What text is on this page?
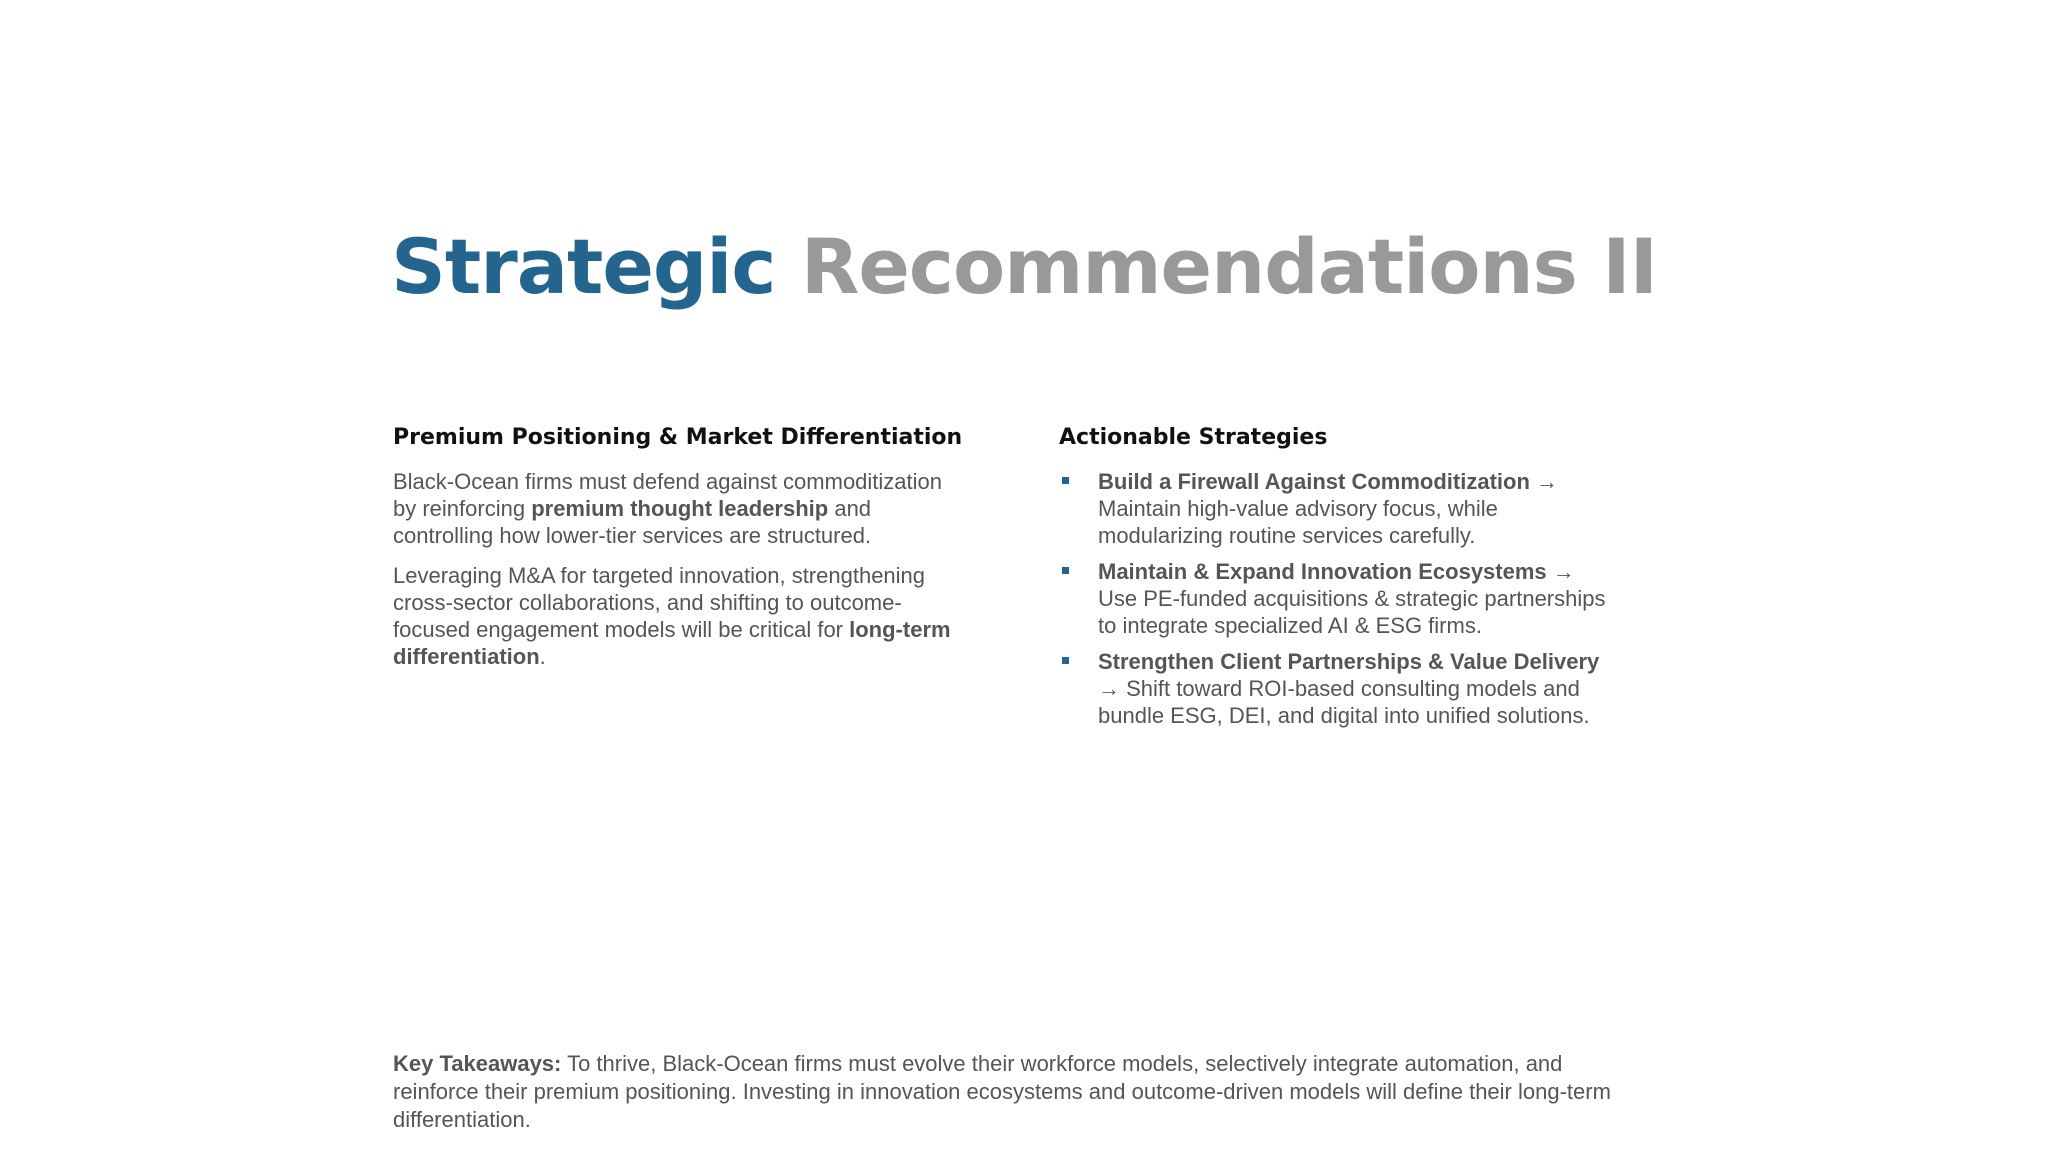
Strategic Recommendations II
Premium Positioning & Market Differentiation

Black-Ocean firms must defend against commoditization by reinforcing premium thought leadership and controlling how lower-tier services are structured.

Leveraging M&A for targeted innovation, strengthening cross-sector collaborations, and shifting to outcome-focused engagement models will be critical for long-term differentiation.

Actionable Strategies
Build a Firewall Against Commoditization → Maintain high-value advisory focus, while modularizing routine services carefully.
Maintain & Expand Innovation Ecosystems → Use PE-funded acquisitions & strategic partnerships to integrate specialized AI & ESG firms.
Strengthen Client Partnerships & Value Delivery → Shift toward ROI-based consulting models and bundle ESG, DEI, and digital into unified solutions.

Key Takeaways: To thrive, Black-Ocean firms must evolve their workforce models, selectively integrate automation, and reinforce their premium positioning. Investing in innovation ecosystems and outcome-driven models will define their long-term differentiation.
